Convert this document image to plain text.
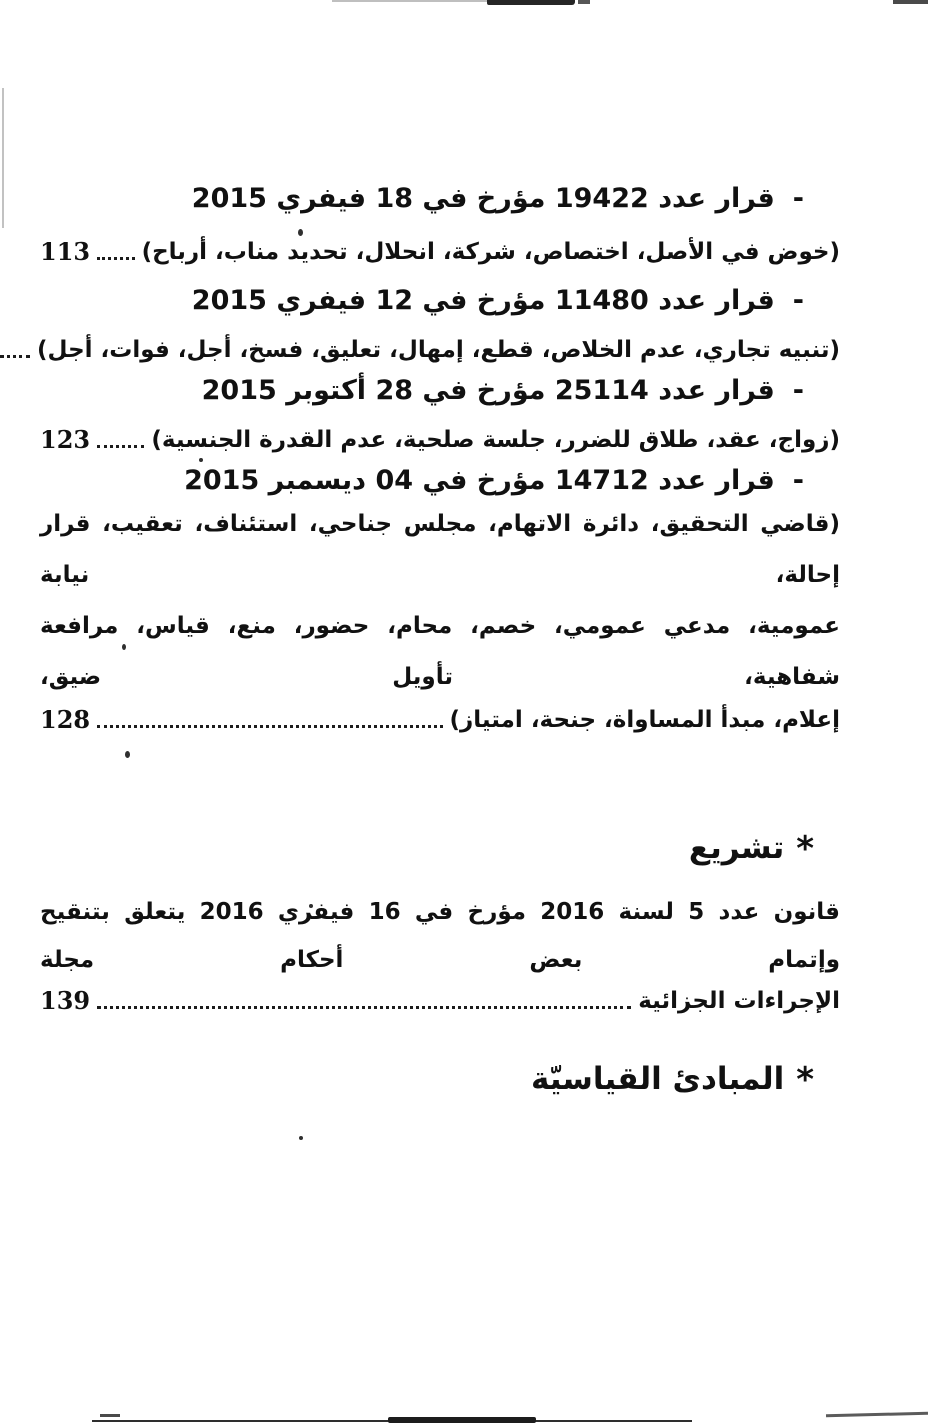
-قرار عدد 19422 مؤرخ في 18 فيفري 2015
(خوض في الأصل، اختصاص، شركة، انحلال، تحديد مناب، أرباح)
113
-قرار عدد 11480 مؤرخ في 12 فيفري 2015
(تنبيه تجاري، عدم الخلاص، قطع، إمهال، تعليق، فسخ، أجل، فوات، أجل)
-قرار عدد 25114 مؤرخ في 28 أكتوبر 2015
(زواج، عقد، طلاق للضرر، جلسة صلحية، عدم القدرة الجنسية)
123
-قرار عدد 14712 مؤرخ في 04 ديسمبر 2015
(قاضي التحقيق، دائرة الاتهام، مجلس جناحي، استئناف، تعقيب، قرار إحالة، نيابة
عمومية، مدعي عمومي، خصم، محام، حضور، منع، قياس، مرافعة شفاهية، تأويل ضيق،
إعلام، مبدأ المساواة، جنحة، امتياز)
128
*تشريع
قانون عدد 5 لسنة 2016 مؤرخ في 16 فيفري 2016 يتعلق بتنقيح وإتمام بعض أحكام مجلة
الإجراءات الجزائية
139
*المبادئ القياسيّة
